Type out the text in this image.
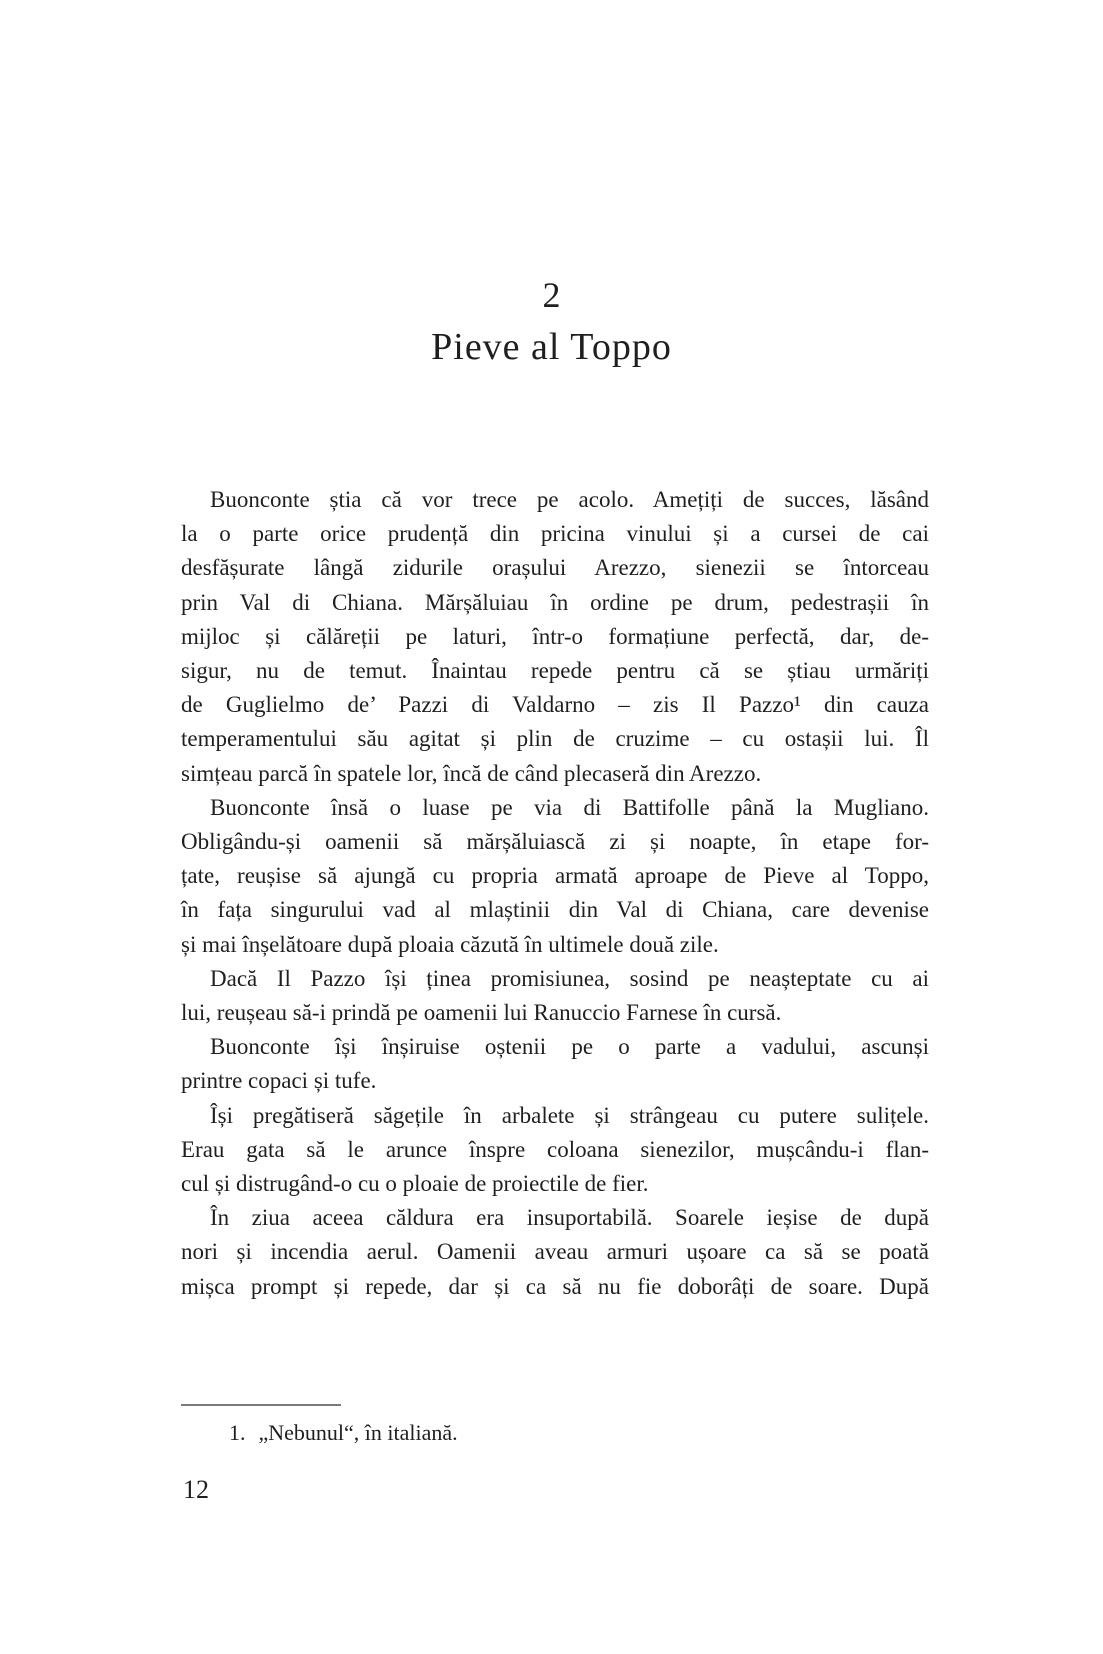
2
Pieve al Toppo
Buonconte știa că vor trece pe acolo. Amețiți de succes, lăsând
la o parte orice prudență din pricina vinului și a cursei de cai
desfășurate lângă zidurile orașului Arezzo, sienezii se întorceau
prin Val di Chiana. Mărșăluiau în ordine pe drum, pedestrașii în
mijloc și călăreții pe laturi, într-o formațiune perfectă, dar, de-
sigur, nu de temut. Înaintau repede pentru că se știau urmăriți
de Guglielmo de’ Pazzi di Valdarno – zis Il Pazzo¹ din cauza
temperamentului său agitat și plin de cruzime – cu ostașii lui. Îl
simțeau parcă în spatele lor, încă de când plecaseră din Arezzo.
Buonconte însă o luase pe via di Battifolle până la Mugliano.
Obligându-și oamenii să mărșăluiască zi și noapte, în etape for-
țate, reușise să ajungă cu propria armată aproape de Pieve al Toppo,
în fața singurului vad al mlaștinii din Val di Chiana, care devenise
și mai înșelătoare după ploaia căzută în ultimele două zile.
Dacă Il Pazzo își ținea promisiunea, sosind pe neașteptate cu ai
lui, reușeau să-i prindă pe oamenii lui Ranuccio Farnese în cursă.
Buonconte își înșiruise oștenii pe o parte a vadului, ascunși
printre copaci și tufe.
Își pregătiseră săgețile în arbalete și strângeau cu putere sulițele.
Erau gata să le arunce înspre coloana sienezilor, mușcându-i flan-
cul și distrugând-o cu o ploaie de proiectile de fier.
În ziua aceea căldura era insuportabilă. Soarele ieșise de după
nori și incendia aerul. Oamenii aveau armuri ușoare ca să se poată
mișca prompt și repede, dar și ca să nu fie doborâți de soare. După
1. „Nebunul“, în italiană.
12
